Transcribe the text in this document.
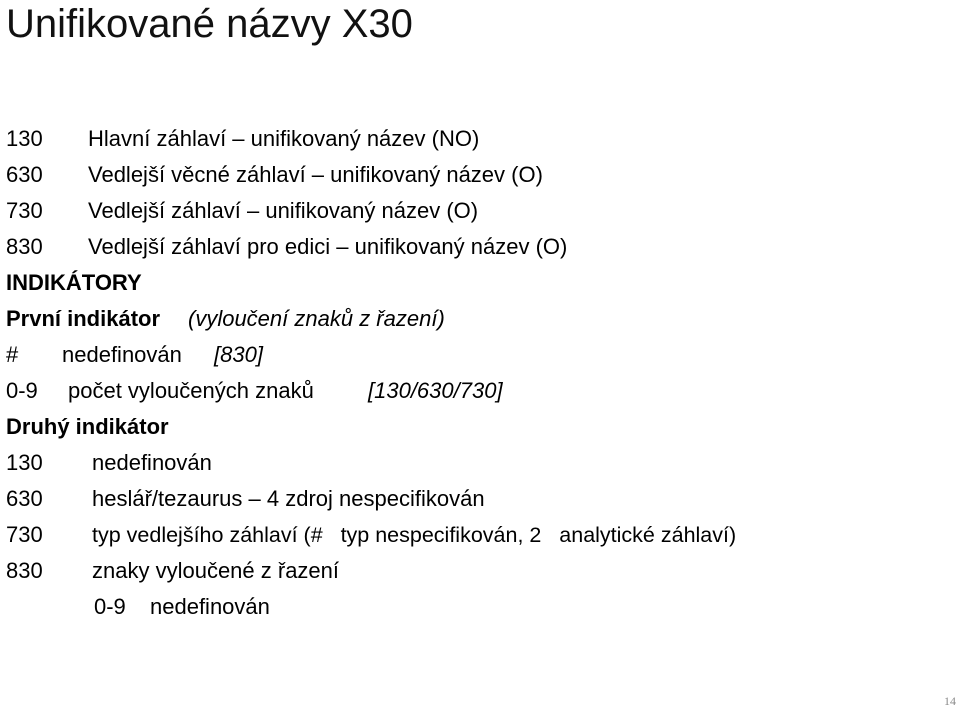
Unifikované názvy X30
130 Hlavní záhlaví – unifikovaný název (NO)
630 Vedlejší věcné záhlaví – unifikovaný název (O)
730 Vedlejší záhlaví – unifikovaný název (O)
830 Vedlejší záhlaví pro edici – unifikovaný název (O)
INDIKÁTORY
První indikátor (vyloučení znaků z řazení)
# nedefinován [830]
0-9 počet vyloučených znaků [130/630/730]
Druhý indikátor
130 nedefinován
630 heslář/tezaurus – 4 zdroj nespecifikován

730

typ vedlejšího záhlaví (#   typ nespecifikován, 2   analytické záhlaví)

830 znaky vyloučené z řazení
0-9 nedefinován
14
